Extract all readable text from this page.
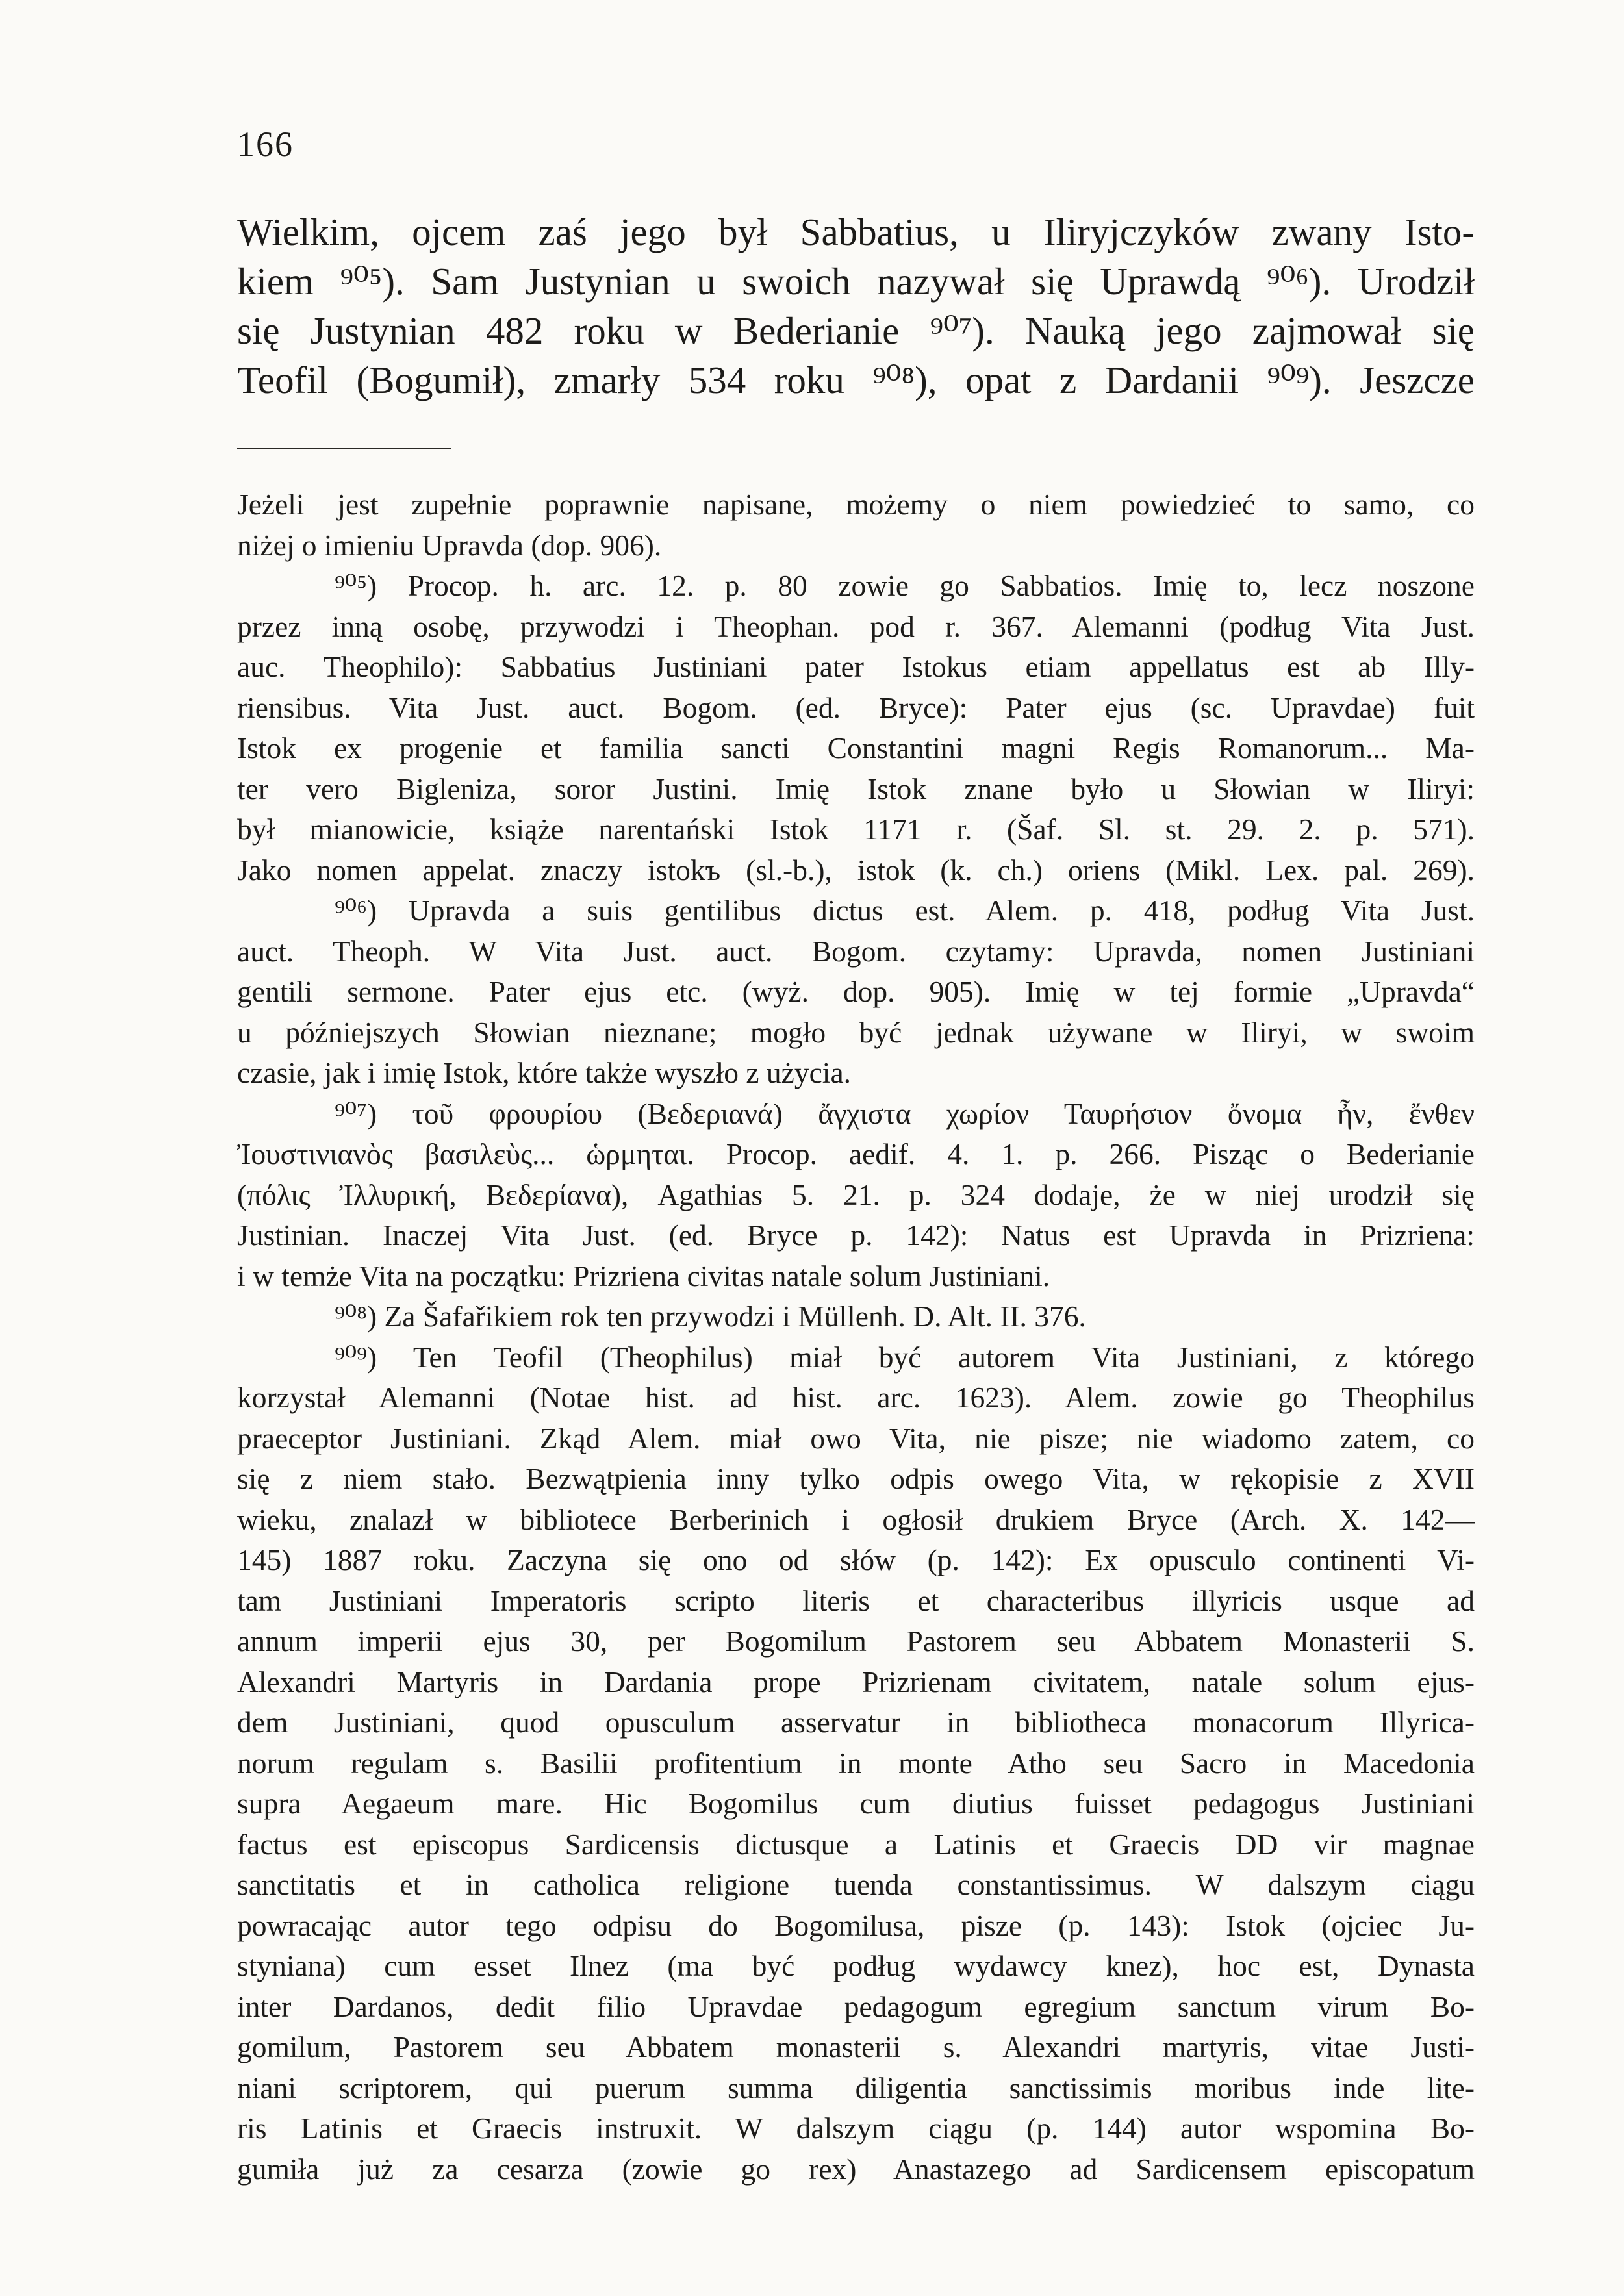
166
Wielkim, ojcem zaś jego był Sabbatius, u Iliryjczyków zwany Isto-
kiem ⁹⁰⁵). Sam Justynian u swoich nazywał się Uprawdą ⁹⁰⁶). Urodził
się Justynian 482 roku w Bederianie ⁹⁰⁷). Nauką jego zajmował się
Teofil (Bogumił), zmarły 534 roku ⁹⁰⁸), opat z Dardanii ⁹⁰⁹). Jeszcze
Jeżeli jest zupełnie poprawnie napisane, możemy o niem powiedzieć to samo, co
niżej o imieniu Upravda (dop. 906).
⁹⁰⁵) Procop. h. arc. 12. p. 80 zowie go Sabbatios. Imię to, lecz noszone
przez inną osobę, przywodzi i Theophan. pod r. 367. Alemanni (podług Vita Just.
auc. Theophilo): Sabbatius Justiniani pater Istokus etiam appellatus est ab Illy-
riensibus. Vita Just. auct. Bogom. (ed. Bryce): Pater ejus (sc. Upravdae) fuit
Istok ex progenie et familia sancti Constantini magni Regis Romanorum... Ma-
ter vero Bigleniza, soror Justini. Imię Istok znane było u Słowian w Iliryi:
był mianowicie, książe narentański Istok 1171 r. (Šaf. Sl. st. 29. 2. p. 571).
Jako nomen appelat. znaczy istokъ (sl.-b.), istok (k. ch.) oriens (Mikl. Lex. pal. 269).
⁹⁰⁶) Upravda a suis gentilibus dictus est. Alem. p. 418, podług Vita Just.
auct. Theoph. W Vita Just. auct. Bogom. czytamy: Upravda, nomen Justiniani
gentili sermone. Pater ejus etc. (wyż. dop. 905). Imię w tej formie „Upravda“
u późniejszych Słowian nieznane; mogło być jednak używane w Iliryi, w swoim
czasie, jak i imię Istok, które także wyszło z użycia.
⁹⁰⁷) τοῦ φρουρίου (Βεδεριανά) ἄγχιστα χωρίον Ταυρήσιον ὄνομα ἦν, ἔνθεν
Ἰουστινιανὸς βασιλεὺς... ὡρμηται. Procop. aedif. 4. 1. p. 266. Pisząc o Bederianie
(πόλις Ἰλλυρική, Βεδερίανα), Agathias 5. 21. p. 324 dodaje, że w niej urodził się
Justinian. Inaczej Vita Just. (ed. Bryce p. 142): Natus est Upravda in Prizriena:
i w temże Vita na początku: Prizriena civitas natale solum Justiniani.
⁹⁰⁸) Za Šafařikiem rok ten przywodzi i Müllenh. D. Alt. II. 376.
⁹⁰⁹) Ten Teofil (Theophilus) miał być autorem Vita Justiniani, z którego
korzystał Alemanni (Notae hist. ad hist. arc. 1623). Alem. zowie go Theophilus
praeceptor Justiniani. Zkąd Alem. miał owo Vita, nie pisze; nie wiadomo zatem, co
się z niem stało. Bezwątpienia inny tylko odpis owego Vita, w rękopisie z XVII
wieku, znalazł w bibliotece Berberinich i ogłosił drukiem Bryce (Arch. X. 142—
145) 1887 roku. Zaczyna się ono od słów (p. 142): Ex opusculo continenti Vi-
tam Justiniani Imperatoris scripto literis et characteribus illyricis usque ad
annum imperii ejus 30, per Bogomilum Pastorem seu Abbatem Monasterii S.
Alexandri Martyris in Dardania prope Prizrienam civitatem, natale solum ejus-
dem Justiniani, quod opusculum asservatur in bibliotheca monacorum Illyrica-
norum regulam s. Basilii profitentium in monte Atho seu Sacro in Macedonia
supra Aegaeum mare. Hic Bogomilus cum diutius fuisset pedagogus Justiniani
factus est episcopus Sardicensis dictusque a Latinis et Graecis DD vir magnae
sanctitatis et in catholica religione tuenda constantissimus. W dalszym ciągu
powracając autor tego odpisu do Bogomilusa, pisze (p. 143): Istok (ojciec Ju-
styniana) cum esset Ilnez (ma być podług wydawcy knez), hoc est, Dynasta
inter Dardanos, dedit filio Upravdae pedagogum egregium sanctum virum Bo-
gomilum, Pastorem seu Abbatem monasterii s. Alexandri martyris, vitae Justi-
niani scriptorem, qui puerum summa diligentia sanctissimis moribus inde lite-
ris Latinis et Graecis instruxit. W dalszym ciągu (p. 144) autor wspomina Bo-
gumiła już za cesarza (zowie go rex) Anastazego ad Sardicensem episcopatum
